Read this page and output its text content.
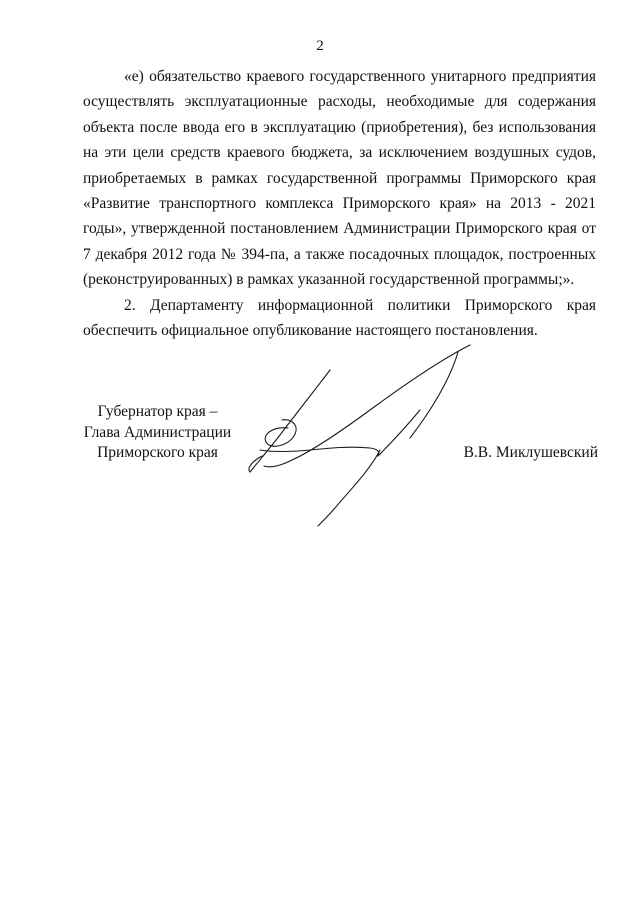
2

«е) обязательство краевого государственного унитарного предприятия осуществлять эксплуатационные расходы, необходимые для содержания объекта после ввода его в эксплуатацию (приобретения), без использования на эти цели средств краевого бюджета, за исключением воздушных судов, приобретаемых в рамках государственной программы Приморского края «Развитие транспортного комплекса Приморского края» на 2013 - 2021 годы», утвержденной постановлением Администрации Приморского края от 7 декабря 2012 года № 394-па, а также посадочных площадок, построенных (реконструированных) в рамках указанной государственной программы;».

2. Департаменту информационной политики Приморского края обеспечить официальное опубликование настоящего постановления.

Губернатор края –
Глава Администрации
Приморского края	В.В. Миклушевский
